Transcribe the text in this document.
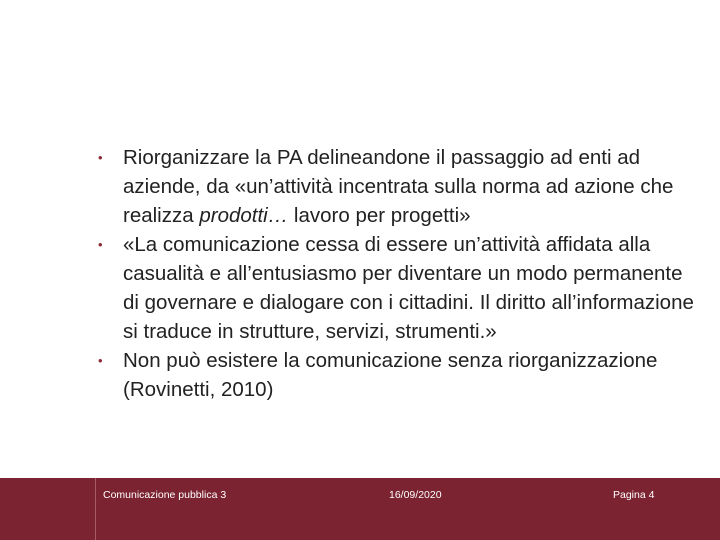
• Riorganizzare la PA delineandone il passaggio ad enti ad aziende, da «un’attività incentrata sulla norma ad azione che realizza prodotti… lavoro per progetti»
• «La comunicazione cessa di essere un’attività affidata alla casualità e all’entusiasmo per diventare un modo permanente di governare e dialogare con i cittadini. Il diritto all’informazione si traduce in strutture, servizi, strumenti.»
• Non può esistere la comunicazione senza riorganizzazione (Rovinetti, 2010)
Comunicazione pubblica 3	16/09/2020	Pagina 4
